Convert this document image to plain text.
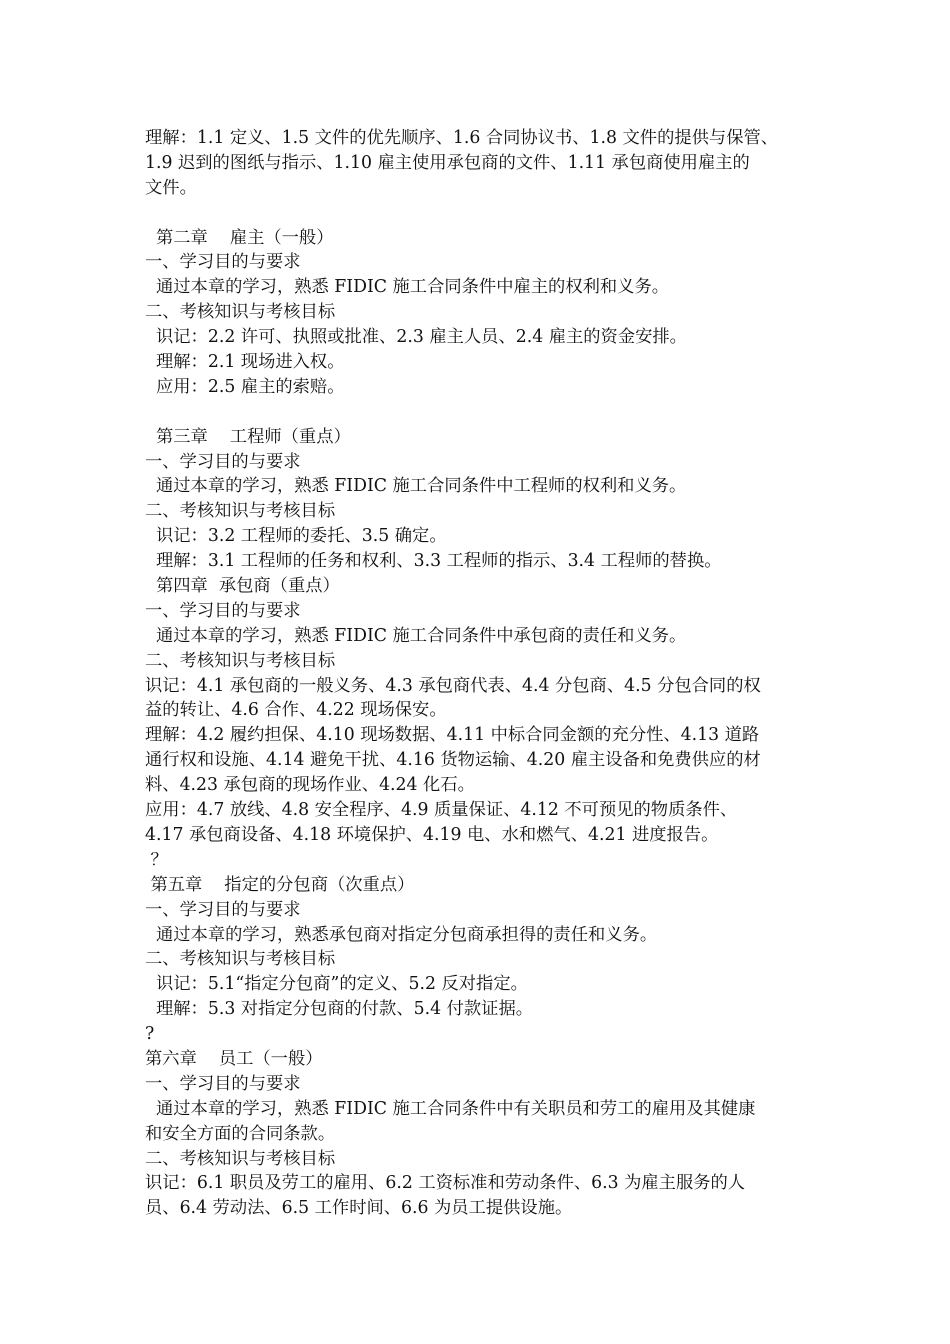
理解：1.1 定义、1.5 文件的优先顺序、1.6 合同协议书、1.8 文件的提供与保管、
1.9 迟到的图纸与指示、1.10 雇主使用承包商的文件、1.11 承包商使用雇主的
文件。
第二章    雇主（一般）
一、学习目的与要求
通过本章的学习，熟悉 FIDIC 施工合同条件中雇主的权利和义务。
二、考核知识与考核目标
识记：2.2 许可、执照或批准、2.3 雇主人员、2.4 雇主的资金安排。
理解：2.1 现场进入权。
应用：2.5 雇主的索赔。
第三章    工程师（重点）
一、学习目的与要求
通过本章的学习，熟悉 FIDIC 施工合同条件中工程师的权利和义务。
二、考核知识与考核目标
识记：3.2 工程师的委托、3.5 确定。
理解：3.1 工程师的任务和权利、3.3 工程师的指示、3.4 工程师的替换。
第四章  承包商（重点）
一、学习目的与要求
通过本章的学习，熟悉 FIDIC 施工合同条件中承包商的责任和义务。
二、考核知识与考核目标
识记：4.1 承包商的一般义务、4.3 承包商代表、4.4 分包商、4.5 分包合同的权
益的转让、4.6 合作、4.22 现场保安。
理解：4.2 履约担保、4.10 现场数据、4.11 中标合同金额的充分性、4.13 道路
通行权和设施、4.14 避免干扰、4.16 货物运输、4.20 雇主设备和免费供应的材
料、4.23 承包商的现场作业、4.24 化石。
应用：4.7 放线、4.8 安全程序、4.9 质量保证、4.12 不可预见的物质条件、
4.17 承包商设备、4.18 环境保护、4.19 电、水和燃气、4.21 进度报告。
？
第五章    指定的分包商（次重点）
一、学习目的与要求
通过本章的学习，熟悉承包商对指定分包商承担得的责任和义务。
二、考核知识与考核目标
识记：5.1“指定分包商”的定义、5.2 反对指定。
理解：5.3 对指定分包商的付款、5.4 付款证据。
?
第六章    员工（一般）
一、学习目的与要求
通过本章的学习，熟悉 FIDIC 施工合同条件中有关职员和劳工的雇用及其健康
和安全方面的合同条款。
二、考核知识与考核目标
识记：6.1 职员及劳工的雇用、6.2 工资标准和劳动条件、6.3 为雇主服务的人
员、6.4 劳动法、6.5 工作时间、6.6 为员工提供设施。
